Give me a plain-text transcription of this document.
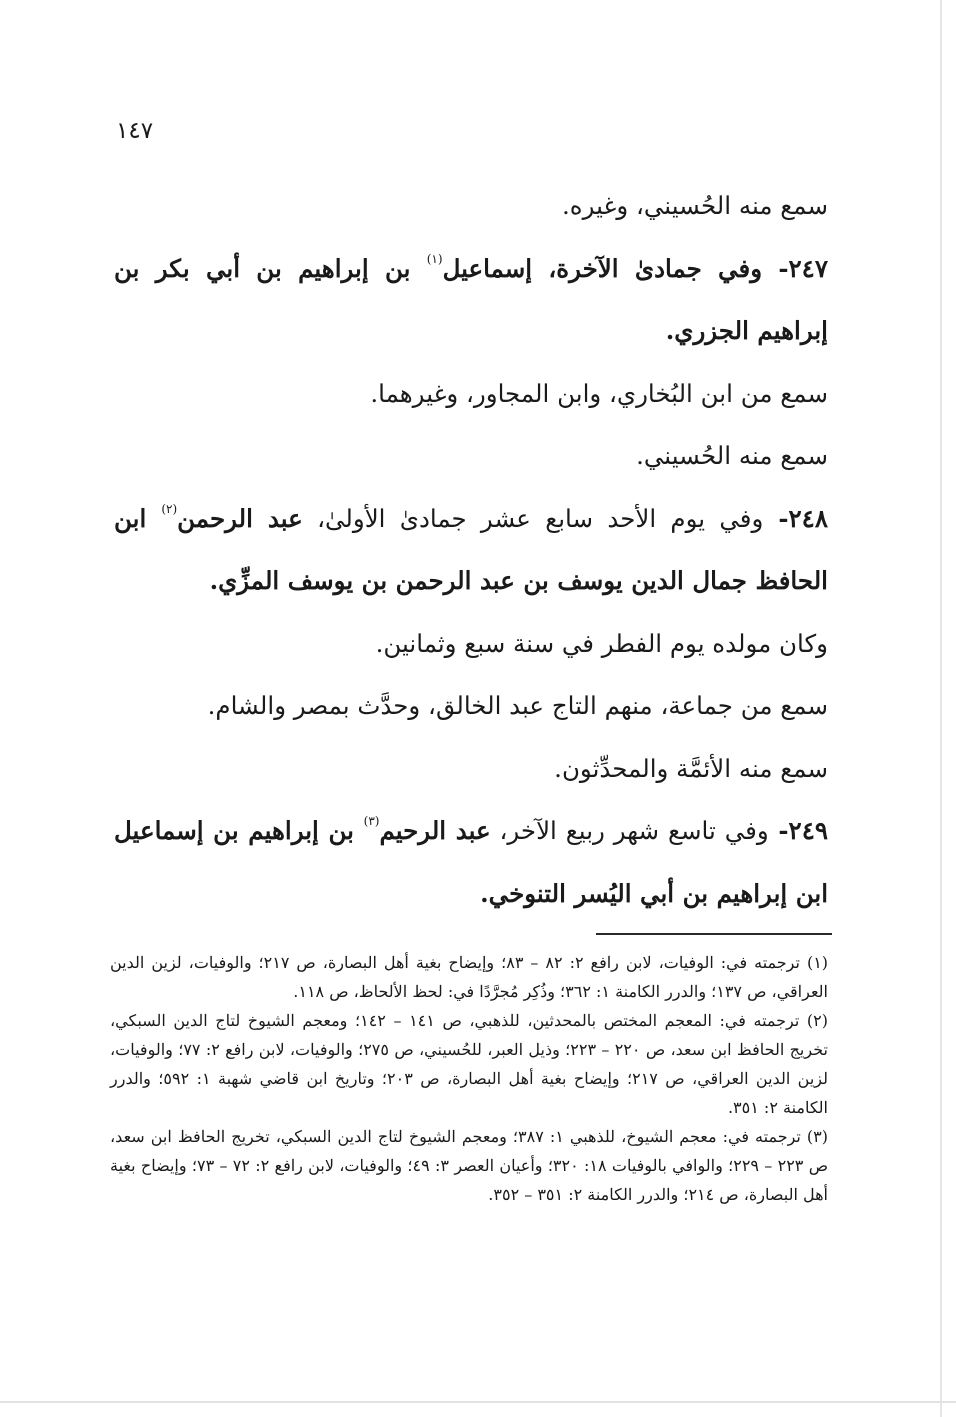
١٤٧

سمع منه الحُسيني، وغيره.

٢٤٧- وفي جمادىٰ الآخرة، إسماعيل$^{(١)}$ بن إبراهيم بن أبي بكر بن إبراهيم الجزري.

سمع من ابن البُخاري، وابن المجاور، وغيرهما.

سمع منه الحُسيني.

٢٤٨- وفي يوم الأحد سابع عشر جمادىٰ الأولىٰ، عبد الرحمن$^{(٢)}$ ابن الحافظ جمال الدين يوسف بن عبد الرحمن بن يوسف المزِّي.

وكان مولده يوم الفطر في سنة سبع وثمانين.

سمع من جماعة، منهم التاج عبد الخالق، وحدَّث بمصر والشام.

سمع منه الأئمَّة والمحدِّثون.

٢٤٩- وفي تاسع شهر ربيع الآخر، عبد الرحيم$^{(٣)}$ بن إبراهيم بن إسماعيل ابن إبراهيم بن أبي اليُسر التنوخي.

(١) ترجمته في: الوفيات، لابن رافع ٢: ٨٢ – ٨٣؛ وإيضاح بغية أهل البصارة، ص ٢١٧؛ والوفيات، لزين الدين العراقي، ص ١٣٧؛ والدرر الكامنة ١: ٣٦٢؛ وذُكِر مُجرَّدًا في: لحظ الألحاظ، ص ١١٨.

(٢) ترجمته في: المعجم المختص بالمحدثين، للذهبي، ص ١٤١ – ١٤٢؛ ومعجم الشيوخ لتاج الدين السبكي، تخريج الحافظ ابن سعد، ص ٢٢٠ – ٢٢٣؛ وذيل العبر، للحُسيني، ص ٢٧٥؛ والوفيات، لابن رافع ٢: ٧٧؛ والوفيات، لزين الدين العراقي، ص ٢١٧؛ وإيضاح بغية أهل البصارة، ص ٢٠٣؛ وتاريخ ابن قاضي شهبة ١: ٥٩٢؛ والدرر الكامنة ٢: ٣٥١.

(٣) ترجمته في: معجم الشيوخ، للذهبي ١: ٣٨٧؛ ومعجم الشيوخ لتاج الدين السبكي، تخريج الحافظ ابن سعد، ص ٢٢٣ – ٢٢٩؛ والوافي بالوفيات ١٨: ٣٢٠؛ وأعيان العصر ٣: ٤٩؛ والوفيات، لابن رافع ٢: ٧٢ – ٧٣؛ وإيضاح بغية أهل البصارة، ص ٢١٤؛ والدرر الكامنة ٢: ٣٥١ – ٣٥٢.
